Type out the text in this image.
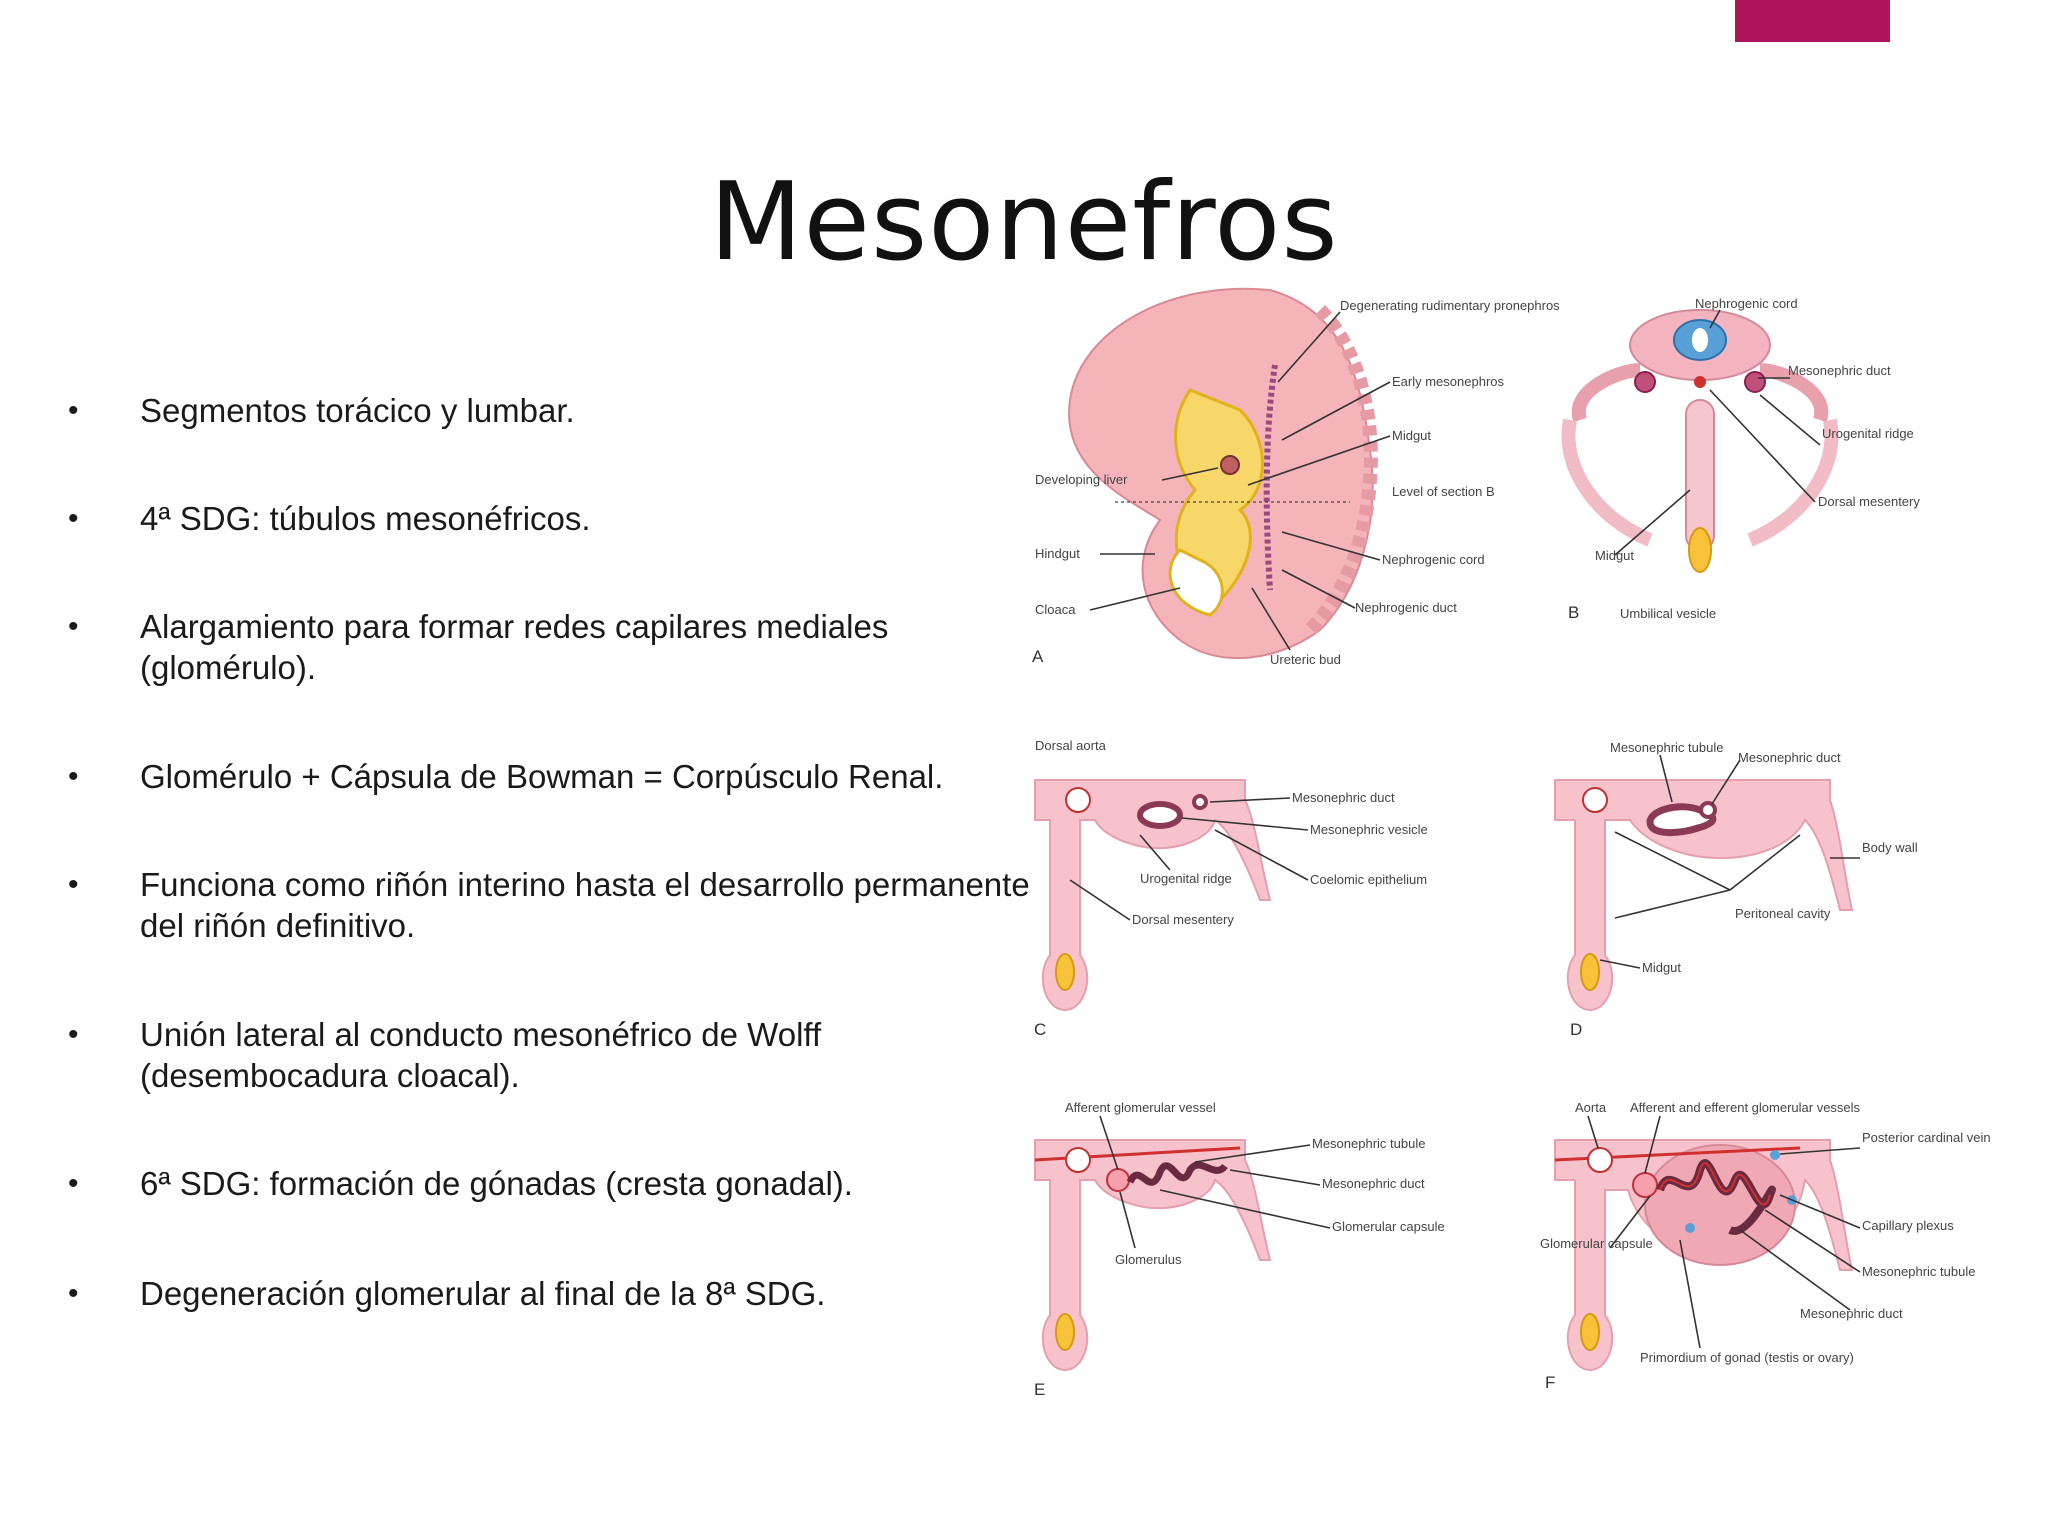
Mesonefros
• Segmentos torácico y lumbar.
• 4ª SDG: túbulos mesonéfricos.
• Alargamiento para formar redes capilares mediales (glomérulo).
• Glomérulo + Cápsula de Bowman = Corpúsculo Renal.
• Funciona como riñón interino hasta el desarrollo permanente del riñón definitivo.
• Unión lateral al conducto mesonéfrico de Wolff (desembocadura cloacal).
• 6ª SDG: formación de gónadas (cresta gonadal).
• Degeneración glomerular al final de la 8ª SDG.
Degenerating rudimentary pronephros
Early mesonephros
Midgut
Level of section B
Nephrogenic cord
Nephrogenic duct
Ureteric bud
Developing liver
Hindgut
Cloaca
A
Nephrogenic cord
Mesonephric duct
Urogenital ridge
Dorsal mesentery
Midgut
Umbilical vesicle
B
Dorsal aorta
Mesonephric duct
Mesonephric vesicle
Coelomic epithelium
Urogenital ridge
Dorsal mesentery
C
Mesonephric tubule
Mesonephric duct
Body wall
Peritoneal cavity
Midgut
D
Afferent glomerular vessel
Mesonephric tubule
Mesonephric duct
Glomerular capsule
Glomerulus
E
Aorta Afferent and efferent glomerular vessels
Posterior cardinal vein
Capillary plexus
Glomerular capsule
Mesonephric tubule
Mesonephric duct
Primordium of gonad (testis or ovary)
F
